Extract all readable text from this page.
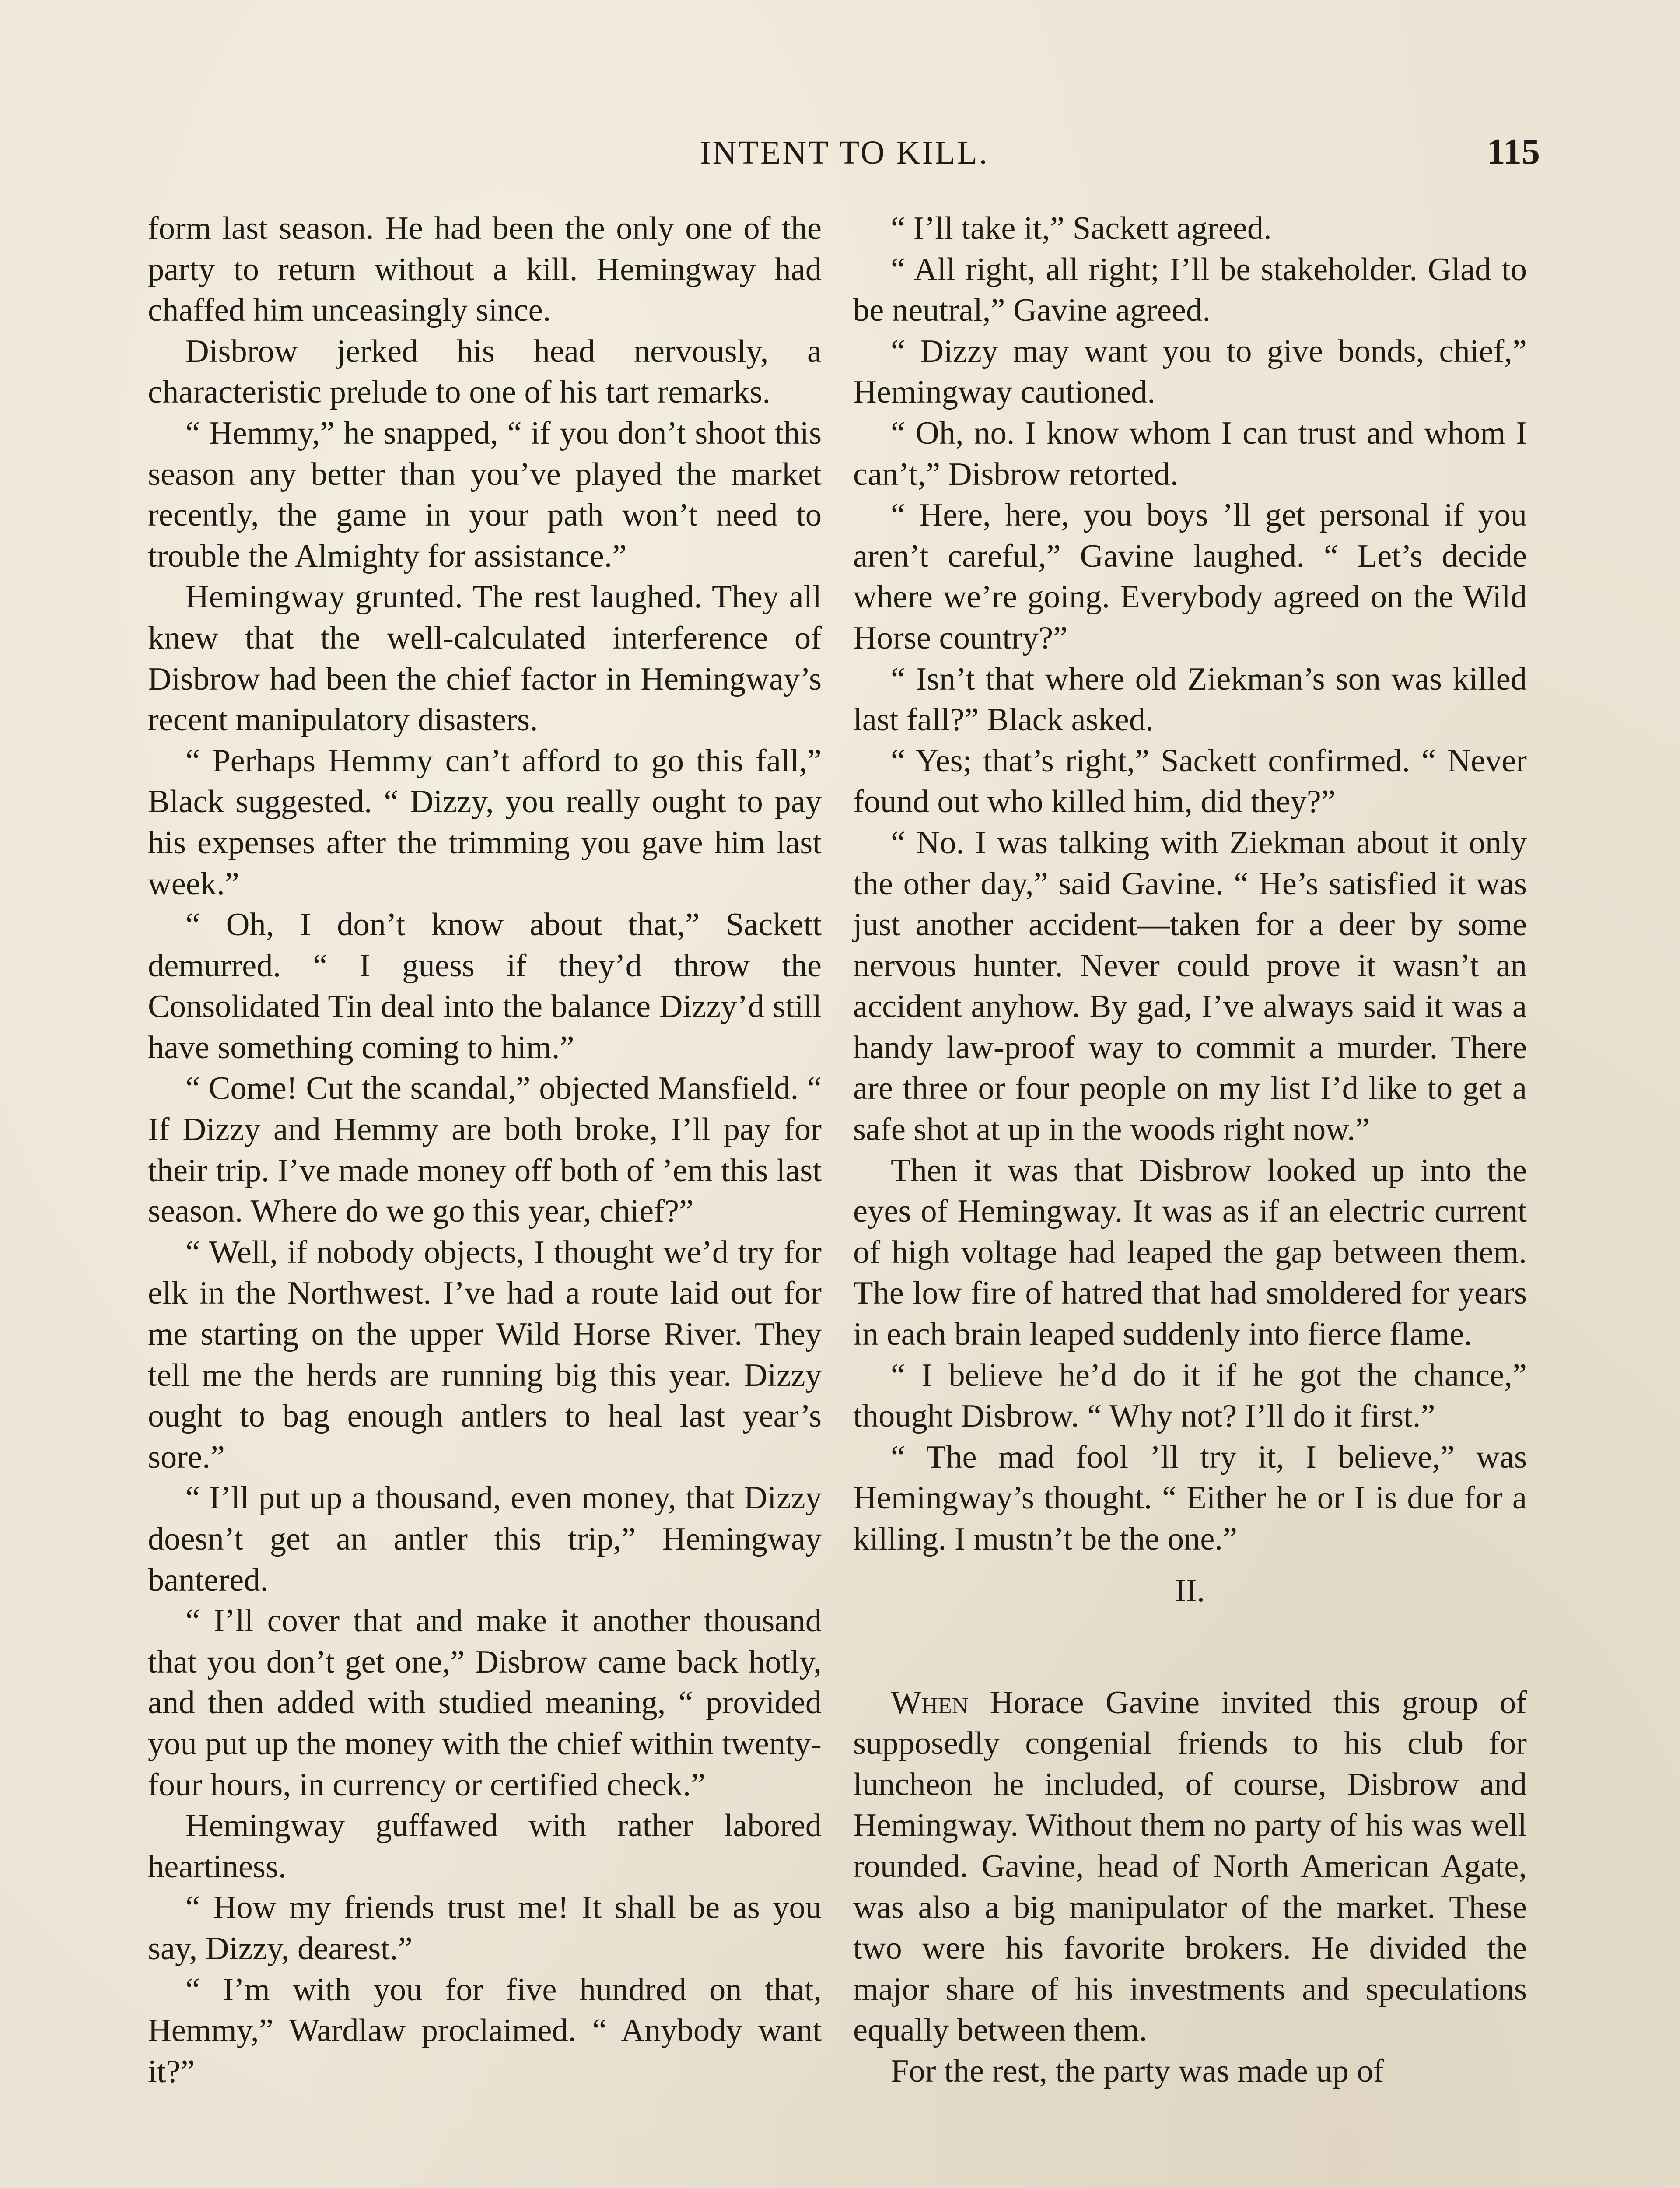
INTENT TO KILL.	115

form last season. He had been the only one of the party to return without a kill. Hemingway had chaffed him unceasingly since.

Disbrow jerked his head nervously, a characteristic prelude to one of his tart remarks.

“ Hemmy,” he snapped, “ if you don’t shoot this season any better than you’ve played the market recently, the game in your path won’t need to trouble the Almighty for assistance.”

Hemingway grunted. The rest laughed. They all knew that the well-calculated interference of Disbrow had been the chief factor in Hemingway’s recent manipulatory disasters.

“ Perhaps Hemmy can’t afford to go this fall,” Black suggested. “ Dizzy, you really ought to pay his expenses after the trimming you gave him last week.”

“ Oh, I don’t know about that,” Sackett demurred. “ I guess if they’d throw the Consolidated Tin deal into the balance Dizzy’d still have something coming to him.”

“ Come! Cut the scandal,” objected Mansfield. “ If Dizzy and Hemmy are both broke, I’ll pay for their trip. I’ve made money off both of ’em this last season. Where do we go this year, chief?”

“ Well, if nobody objects, I thought we’d try for elk in the Northwest. I’ve had a route laid out for me starting on the upper Wild Horse River. They tell me the herds are running big this year. Dizzy ought to bag enough antlers to heal last year’s sore.”

“ I’ll put up a thousand, even money, that Dizzy doesn’t get an antler this trip,” Hemingway bantered.

“ I’ll cover that and make it another thousand that you don’t get one,” Disbrow came back hotly, and then added with studied meaning, “ provided you put up the money with the chief within twenty-four hours, in currency or certified check.”

Hemingway guffawed with rather labored heartiness.

“ How my friends trust me! It shall be as you say, Dizzy, dearest.”

“ I’m with you for five hundred on that, Hemmy,” Wardlaw proclaimed. “ Anybody want it?”

“ I’ll take it,” Sackett agreed.

“ All right, all right; I’ll be stakeholder. Glad to be neutral,” Gavine agreed.

“ Dizzy may want you to give bonds, chief,” Hemingway cautioned.

“ Oh, no. I know whom I can trust and whom I can’t,” Disbrow retorted.

“ Here, here, you boys ’ll get personal if you aren’t careful,” Gavine laughed. “ Let’s decide where we’re going. Everybody agreed on the Wild Horse country?”

“ Isn’t that where old Ziekman’s son was killed last fall?” Black asked.

“ Yes; that’s right,” Sackett confirmed. “ Never found out who killed him, did they?”

“ No. I was talking with Ziekman about it only the other day,” said Gavine. “ He’s satisfied it was just another accident—taken for a deer by some nervous hunter. Never could prove it wasn’t an accident anyhow. By gad, I’ve always said it was a handy law-proof way to commit a murder. There are three or four people on my list I’d like to get a safe shot at up in the woods right now.”

Then it was that Disbrow looked up into the eyes of Hemingway. It was as if an electric current of high voltage had leaped the gap between them. The low fire of hatred that had smoldered for years in each brain leaped suddenly into fierce flame.

“ I believe he’d do it if he got the chance,” thought Disbrow. “ Why not? I’ll do it first.”

“ The mad fool ’ll try it, I believe,” was Hemingway’s thought. “ Either he or I is due for a killing. I mustn’t be the one.”

II.

When Horace Gavine invited this group of supposedly congenial friends to his club for luncheon he included, of course, Disbrow and Hemingway. Without them no party of his was well rounded. Gavine, head of North American Agate, was also a big manipulator of the market. These two were his favorite brokers. He divided the major share of his investments and speculations equally between them.

For the rest, the party was made up of
